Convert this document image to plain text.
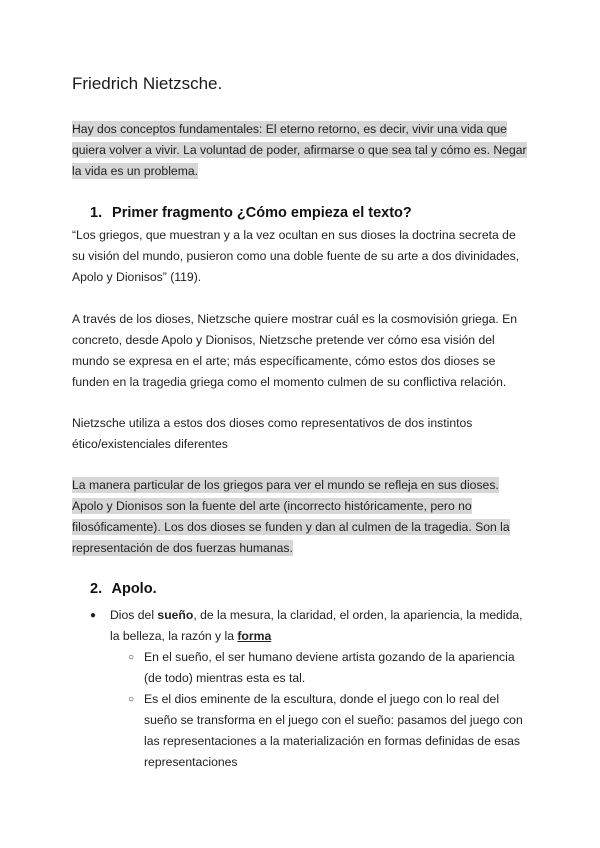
Friedrich Nietzsche.
Hay dos conceptos fundamentales: El eterno retorno, es decir, vivir una vida que
quiera volver a vivir. La voluntad de poder, afirmarse o que sea tal y cómo es. Negar
la vida es un problema.
1. Primer fragmento ¿Cómo empieza el texto?
“Los griegos, que muestran y a la vez ocultan en sus dioses la doctrina secreta de
su visión del mundo, pusieron como una doble fuente de su arte a dos divinidades,
Apolo y Dionisos” (119).
A través de los dioses, Nietzsche quiere mostrar cuál es la cosmovisión griega. En
concreto, desde Apolo y Dionisos, Nietzsche pretende ver cómo esa visión del
mundo se expresa en el arte; más específicamente, cómo estos dos dioses se
funden en la tragedia griega como el momento culmen de su conflictiva relación.
Nietzsche utiliza a estos dos dioses como representativos de dos instintos
ético/existenciales diferentes
La manera particular de los griegos para ver el mundo se refleja en sus dioses.
Apolo y Dionisos son la fuente del arte (incorrecto históricamente, pero no
filosóficamente). Los dos dioses se funden y dan al culmen de la tragedia. Son la
representación de dos fuerzas humanas.
2. Apolo.
● Dios del sueño, de la mesura, la claridad, el orden, la apariencia, la medida,
la belleza, la razón y la forma
○ En el sueño, el ser humano deviene artista gozando de la apariencia
(de todo) mientras esta es tal.
○ Es el dios eminente de la escultura, donde el juego con lo real del
sueño se transforma en el juego con el sueño: pasamos del juego con
las representaciones a la materialización en formas definidas de esas
representaciones
